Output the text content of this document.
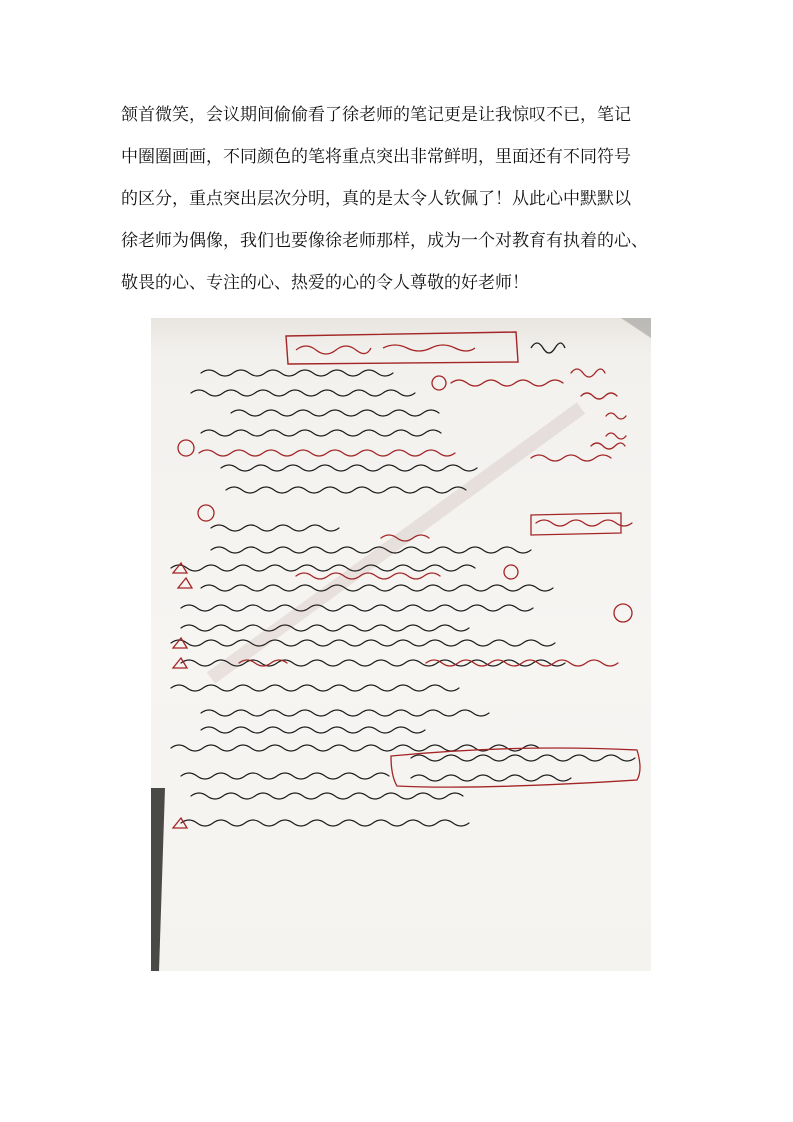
颔首微笑，会议期间偷偷看了徐老师的笔记更是让我惊叹不已，笔记
中圈圈画画，不同颜色的笔将重点突出非常鲜明，里面还有不同符号
的区分，重点突出层次分明，真的是太令人钦佩了！从此心中默默以
徐老师为偶像，我们也要像徐老师那样，成为一个对教育有执着的心、
敬畏的心、专注的心、热爱的心的令人尊敬的好老师！
